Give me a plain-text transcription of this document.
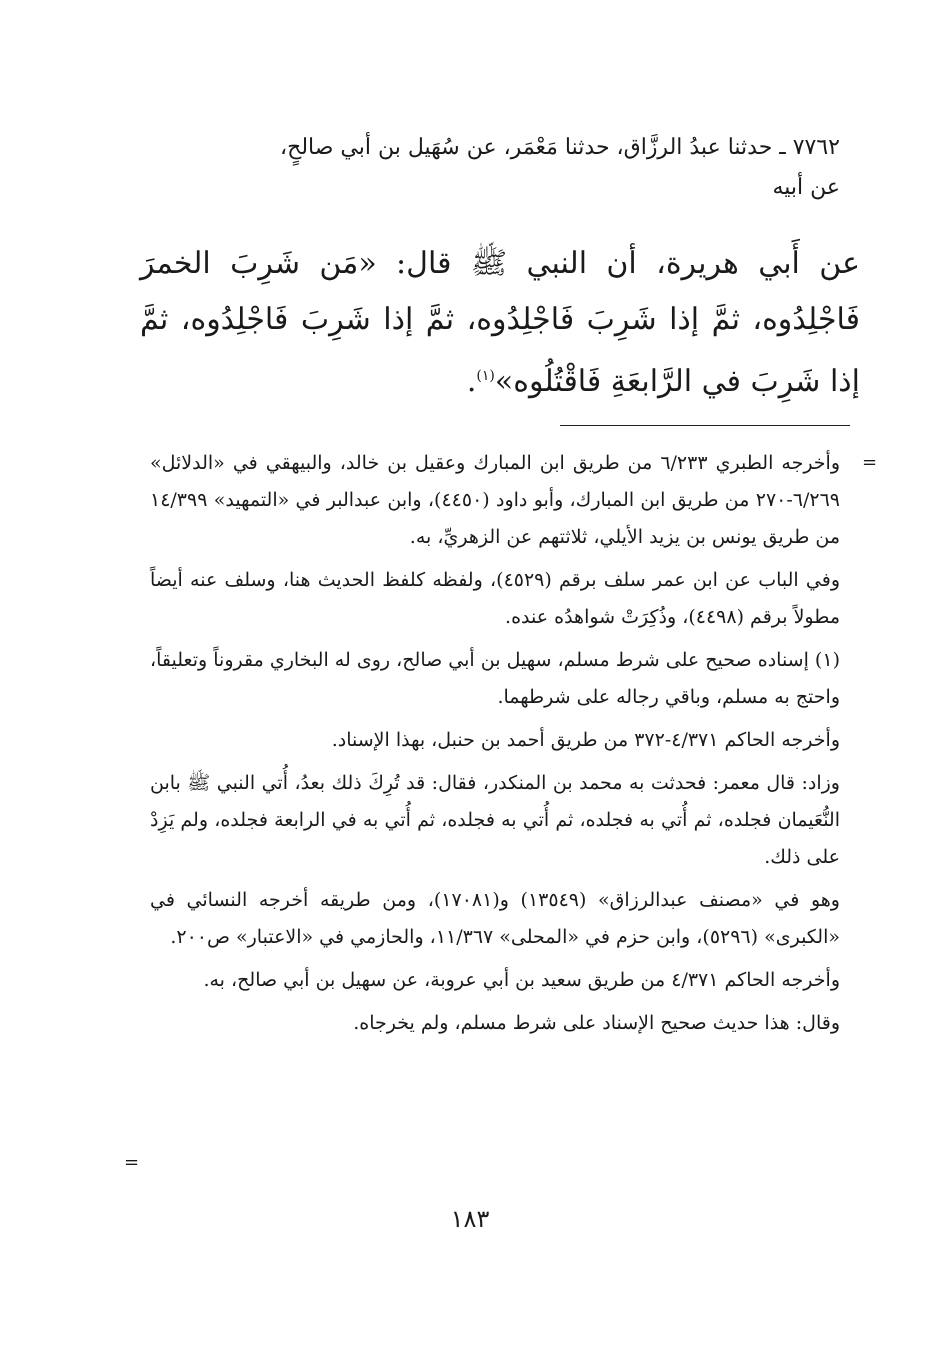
٧٧٦٢ ـ حدثنا عبدُ الرزَّاق، حدثنا مَعْمَر، عن سُهَيل بن أبي صالحٍ،

عن أبيه

عن أَبي هريرة، أن النبي ﷺ قال: «مَن شَرِبَ الخمرَ فَاجْلِدُوه، ثمَّ إذا شَرِبَ فَاجْلِدُوه، ثمَّ إذا شَرِبَ فَاجْلِدُوه، ثمَّ إذا شَرِبَ في الرَّابعَةِ فَاقْتُلُوه»$^{(١)}$.

=

وأخرجه الطبري ٦/٢٣٣ من طريق ابن المبارك وعقيل بن خالد، والبيهقي في «الدلائل» ٦/٢٦٩-٢٧٠ من طريق ابن المبارك، وأبو داود (٤٤٥٠)، وابن عبدالبر في «التمهيد» ١٤/٣٩٩ من طريق يونس بن يزيد الأيلي، ثلاثتهم عن الزهريِّ، به.

وفي الباب عن ابن عمر سلف برقم (٤٥٢٩)، ولفظه كلفظ الحديث هنا، وسلف عنه أيضاً مطولاً برقم (٤٤٩٨)، وذُكِرَتْ شواهدُه عنده.

(١) إسناده صحيح على شرط مسلم، سهيل بن أبي صالح، روى له البخاري مقروناً وتعليقاً، واحتج به مسلم، وباقي رجاله على شرطهما.

وأخرجه الحاكم ٤/٣٧١-٣٧٢ من طريق أحمد بن حنبل، بهذا الإسناد.

وزاد: قال معمر: فحدثت به محمد بن المنكدر، فقال: قد تُرِكَ ذلك بعدُ، أُتي النبي ﷺ بابن النُّعَيمان فجلده، ثم أُتي به فجلده، ثم أُتي به فجلده، ثم أُتي به في الرابعة فجلده، ولم يَزِدْ على ذلك.

وهو في «مصنف عبدالرزاق» (١٣٥٤٩) و(١٧٠٨١)، ومن طريقه أخرجه النسائي في «الكبرى» (٥٢٩٦)، وابن حزم في «المحلى» ١١/٣٦٧، والحازمي في «الاعتبار» ص٢٠٠.

وأخرجه الحاكم ٤/٣٧١ من طريق سعيد بن أبي عروبة، عن سهيل بن أبي صالح، به.

وقال: هذا حديث صحيح الإسناد على شرط مسلم، ولم يخرجاه.

=
١٨٣
